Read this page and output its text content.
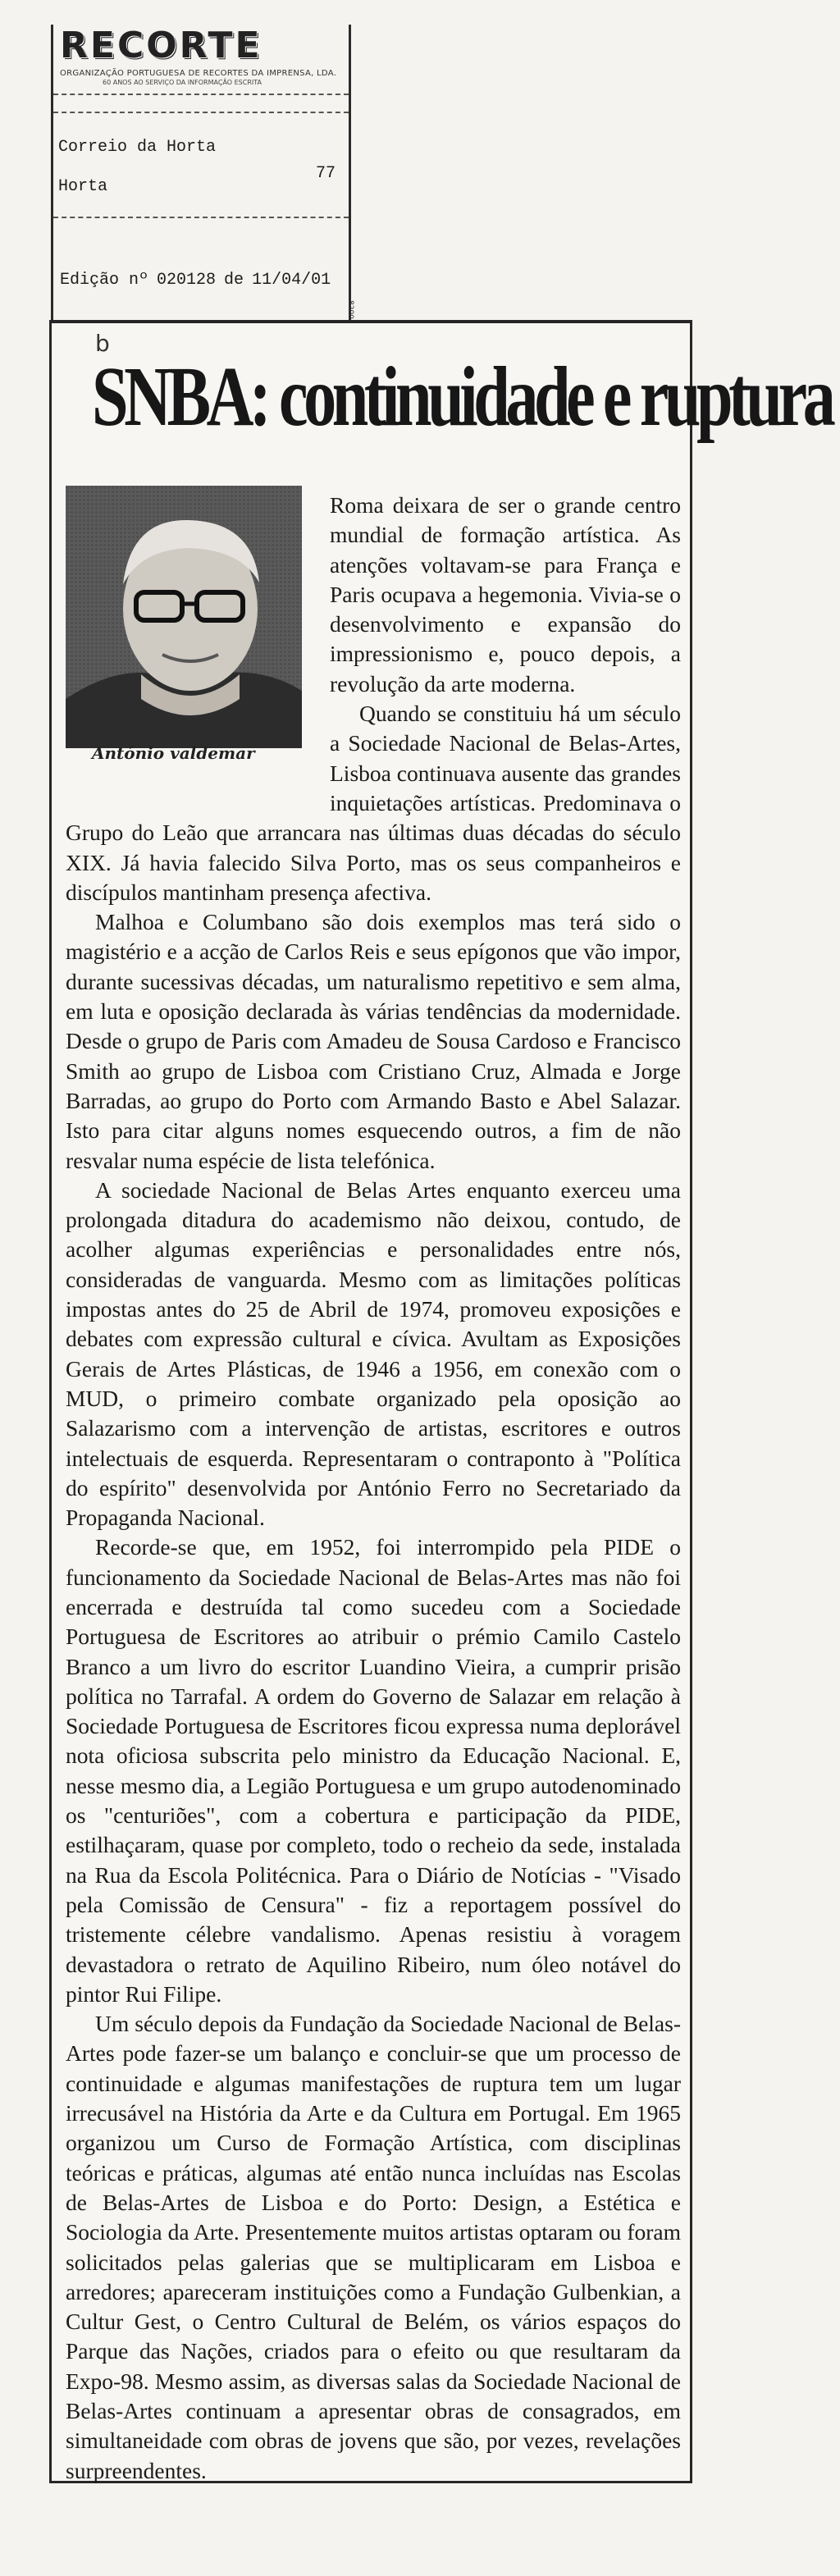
RECORTE
ORGANIZAÇÃO PORTUGUESA DE RECORTES DA IMPRENSA, LDA.
60 ANOS AO SERVIÇO DA INFORMAÇÃO ESCRITA
Correio da Horta
Horta
77
Edição nº 020128 de 11/04/01
8200
b
SNBA: continuidade e ruptura
António valdemar

Roma deixara de ser o grande centro mundial de formação artística. As atenções voltavam-se para França e Paris ocupava a hegemonia. Vivia-se o desenvolvimento e expansão do impressionismo e, pouco depois, a revolução da arte moderna.

Quando se constituiu há um século a Sociedade Nacional de Belas-Artes, Lisboa continuava ausente das grandes inquietações artísticas. Predominava o Grupo do Leão que arrancara nas últimas duas décadas do século XIX. Já havia falecido Silva Porto, mas os seus companheiros e discípulos mantinham presença afectiva.

Malhoa e Columbano são dois exemplos mas terá sido o magistério e a acção de Carlos Reis e seus epígonos que vão impor, durante sucessivas décadas, um naturalismo repetitivo e sem alma, em luta e oposição declarada às várias tendências da modernidade. Desde o grupo de Paris com Amadeu de Sousa Cardoso e Francisco Smith ao grupo de Lisboa com Cristiano Cruz, Almada e Jorge Barradas, ao grupo do Porto com Armando Basto e Abel Salazar. Isto para citar alguns nomes esquecendo outros, a fim de não resvalar numa espécie de lista telefónica.

A sociedade Nacional de Belas Artes enquanto exerceu uma prolongada ditadura do academismo não deixou, contudo, de acolher algumas experiências e personalidades entre nós, consideradas de vanguarda. Mesmo com as limitações políticas impostas antes do 25 de Abril de 1974, promoveu exposições e debates com expressão cultural e cívica. Avultam as Exposições Gerais de Artes Plásticas, de 1946 a 1956, em conexão com o MUD, o primeiro combate organizado pela oposição ao Salazarismo com a intervenção de artistas, escritores e outros intelectuais de esquerda. Representaram o contraponto à "Política do espírito" desenvolvida por António Ferro no Secretariado da Propaganda Nacional.

Recorde-se que, em 1952, foi interrompido pela PIDE o funcionamento da Sociedade Nacional de Belas-Artes mas não foi encerrada e destruída tal como sucedeu com a Sociedade Portuguesa de Escritores ao atribuir o prémio Camilo Castelo Branco a um livro do escritor Luandino Vieira, a cumprir prisão política no Tarrafal. A ordem do Governo de Salazar em relação à Sociedade Portuguesa de Escritores ficou expressa numa deplorável nota oficiosa subscrita pelo ministro da Educação Nacional. E, nesse mesmo dia, a Legião Portuguesa e um grupo autodenominado os "centuriões", com a cobertura e participação da PIDE, estilhaçaram, quase por completo, todo o recheio da sede, instalada na Rua da Escola Politécnica. Para o Diário de Notícias - "Visado pela Comissão de Censura" - fiz a reportagem possível do tristemente célebre vandalismo. Apenas resistiu à voragem devastadora o retrato de Aquilino Ribeiro, num óleo notável do pintor Rui Filipe.

Um século depois da Fundação da Sociedade Nacional de Belas-Artes pode fazer-se um balanço e concluir-se que um processo de continuidade e algumas manifestações de ruptura tem um lugar irrecusável na História da Arte e da Cultura em Portugal. Em 1965 organizou um Curso de Formação Artística, com disciplinas teóricas e práticas, algumas até então nunca incluídas nas Escolas de Belas-Artes de Lisboa e do Porto: Design, a Estética e Sociologia da Arte. Presentemente muitos artistas optaram ou foram solicitados pelas galerias que se multiplicaram em Lisboa e arredores; apareceram instituições como a Fundação Gulbenkian, a Cultur Gest, o Centro Cultural de Belém, os vários espaços do Parque das Nações, criados para o efeito ou que resultaram da Expo-98. Mesmo assim, as diversas salas da Sociedade Nacional de Belas-Artes continuam a apresentar obras de consagrados, em simultaneidade com obras de jovens que são, por vezes, revelações surpreendentes.
